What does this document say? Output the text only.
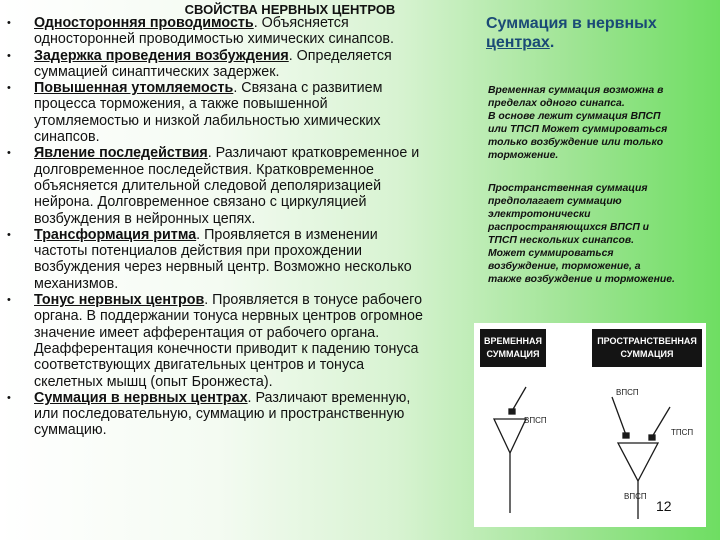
СВОЙСТВА НЕРВНЫХ ЦЕНТРОВ
• Односторонняя проводимость. Объясняется
односторонней проводимостью химических синапсов.
• Задержка проведения возбуждения. Определяется
суммацией синаптических задержек.
• Повышенная утомляемость. Связана с развитием
процесса торможения, а также повышенной
утомляемостью и низкой лабильностью химических
синапсов.
• Явление последействия. Различают кратковременное и
долговременное последействия. Кратковременное
объясняется длительной следовой деполяризацией
нейрона. Долговременное связано с циркуляцией
возбуждения в нейронных цепях.
• Трансформация ритма. Проявляется в изменении
частоты потенциалов действия при прохождении
возбуждения через нервный центр. Возможно несколько
механизмов.
• Тонус нервных центров. Проявляется в тонусе рабочего
органа. В поддержании тонуса нервных центров огромное
значение имеет афферентация от рабочего органа.
Деафферентация конечности приводит к падению тонуса
соответствующих двигательных центров и тонуса
скелетных мышц (опыт Бронжеста).
• Суммация в нервных центрах. Различают временную,
или последовательную, суммацию и пространственную
суммацию.
Суммация в нервных
центрах.
Временная суммация возможна в
пределах одного синапса.
В основе лежит суммация ВПСП
или ТПСП Может суммироваться
только возбуждение или только
торможение.
Пространственная суммация
предполагает суммацию
электротонически
распространяющихся ВПСП и
ТПСП нескольких синапсов.
Может суммироваться
возбуждение, торможение, а
также возбуждение и торможение.
ВРЕМЕННАЯ
СУММАЦИЯ
ПРОСТРАНСТВЕННАЯ
СУММАЦИЯ
ВПСП
ВПСП
ТПСП
ВПСП
12
